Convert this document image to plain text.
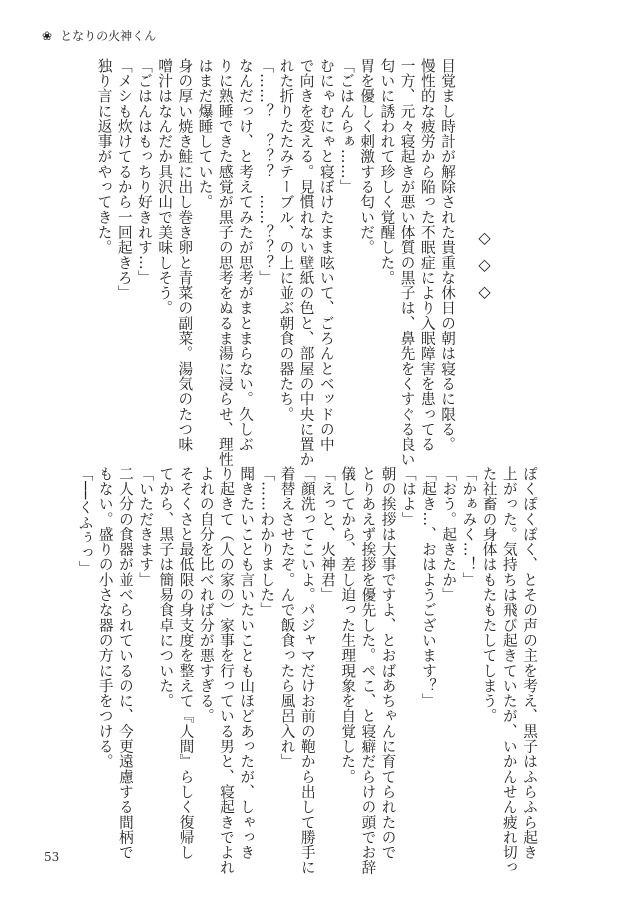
❀ となりの火神くん
目覚まし時計が解除された貴重な休日の朝は寝るに限る。
慢性的な疲労から陥った不眠症により入眠障害を患ってる
一方、元々寝起きが悪い体質の黒子は、鼻先をくすぐる良い
匂いに誘われて珍しく覚醒した。
胃を優しく刺激する匂いだ。
「ごはんらぁ……」
むにゃむにゃと寝ぼけたまま呟いて、ごろんとベッドの中
で向きを変える。見慣れない壁紙の色と、部屋の中央に置か
れた折りたたみテーブル、の上に並ぶ朝食の器たち。
「……？　？？？　……？？？」
なんだっけ、と考えてみたが思考がまとまらない。久しぶ
りに熟睡できた感覚が黒子の思考をぬるま湯に浸らせ、理性
はまだ爆睡していた。
身の厚い焼き鮭に出し巻き卵と青菜の副菜。湯気のたつ味
噌汁はなんだか具沢山で美味しそう。
「ごはんはもっちり好きれす…」
「メシも炊けてるから一回起きろ」
独り言に返事がやってきた。
◇◇◇
ぽくぽくぽく、とその声の主を考え、黒子はふらふら起き
上がった。気持ちは飛び起きていたが、いかんせん疲れ切っ
た社畜の身体はもたもたしてしまう。
「かぁみく…！」
「おう。起きたか」
「起き…、おはようございます？」
「はよ」
朝の挨拶は大事ですよ、とおばあちゃんに育てられたので
とりあえず挨拶を優先した。ぺこ、と寝癖だらけの頭でお辞
儀してから、差し迫った生理現象を自覚した。
「えっと、火神君」
「顔洗ってこいよ。パジャマだけお前の鞄から出して勝手に
着替えさせたぞ。んで飯食ったら風呂入れ」
「……わかりました」
聞きたいことも言いたいことも山ほどあったが、しゃっき
り起きて（人の家の）家事を行っている男と、寝起きでよれ
よれの自分を比べれば分が悪すぎる。
そそくさと最低限の身支度を整えて『人間』らしく復帰し
てから、黒子は簡易食卓についた。
「いただきます」
二人分の食器が並べられているのに、今更遠慮する間柄で
もない。盛りの小さな器の方に手をつける。
「──くふぅっ」
53
